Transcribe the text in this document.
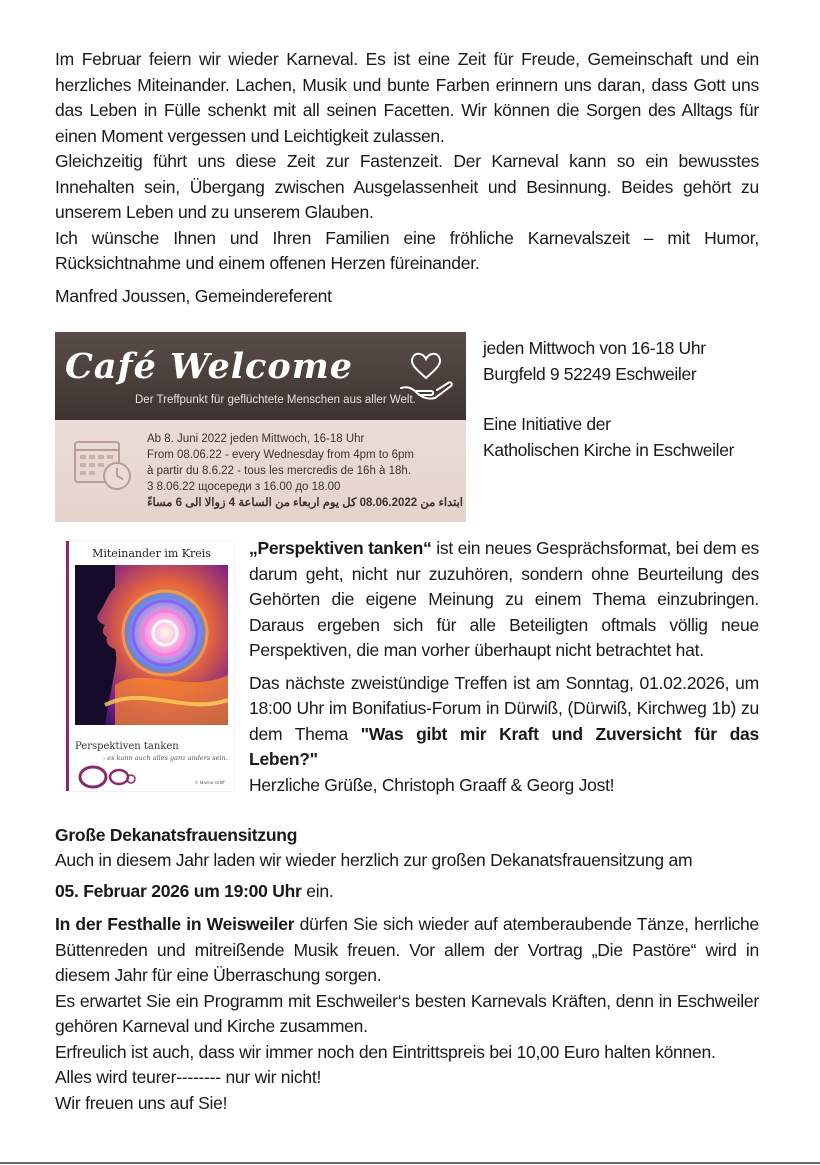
Im Februar feiern wir wieder Karneval. Es ist eine Zeit für Freude, Gemeinschaft und ein herzliches Miteinander. Lachen, Musik und bunte Farben erinnern uns daran, dass Gott uns das Leben in Fülle schenkt mit all seinen Facetten. Wir können die Sorgen des Alltags für einen Moment vergessen und Leichtigkeit zulassen.

Gleichzeitig führt uns diese Zeit zur Fastenzeit. Der Karneval kann so ein bewusstes Innehalten sein, Übergang zwischen Ausgelassenheit und Besinnung. Beides gehört zu unserem Leben und zu unserem Glauben.

Ich wünsche Ihnen und Ihren Familien eine fröhliche Karnevalszeit – mit Humor, Rücksichtnahme und einem offenen Herzen füreinander.

Manfred Joussen, Gemeindereferent
Café Welcome
Der Treffpunkt für geflüchtete Menschen aus aller Welt.
Ab 8. Juni 2022 jeden Mittwoch, 16-18 Uhr
From 08.06.22 - every Wednesday from 4pm to 6pm
à partir du 8.6.22 - tous les mercredis de 16h à 18h.
3 8.06.22 щосереди з 16.00 до 18.00
ابتداء من 08.06.2022 كل يوم اربعاء من الساعة 4 زوالا الى 6 مساءً
jeden Mittwoch von 16-18 Uhr
Burgfeld 9 52249 Eschweiler
Eine Initiative der
Katholischen Kirche in Eschweiler
Miteinander im Kreis
Perspektiven tanken
- es kann auch alles ganz anders sein.
© Marina Gräff

„Perspektiven tanken“ ist ein neues Gesprächsformat, bei dem es darum geht, nicht nur zuzuhören, sondern ohne Beurteilung des Gehörten die eigene Meinung zu einem Thema einzubringen. Daraus ergeben sich für alle Beteiligten oftmals völlig neue Perspektiven, die man vorher überhaupt nicht betrachtet hat.

Das nächste zweistündige Treffen ist am Sonntag, 01.02.2026, um 18:00 Uhr im Bonifatius-Forum in Dürwiß, (Dürwiß, Kirchweg 1b) zu dem Thema "Was gibt mir Kraft und Zuversicht für das Leben?"

Herzliche Grüße, Christoph Graaff & Georg Jost!

Große Dekanatsfrauensitzung
Auch in diesem Jahr laden wir wieder herzlich zur großen Dekanatsfrauensitzung am
05. Februar 2026 um 19:00 Uhr ein.

In der Festhalle in Weisweiler dürfen Sie sich wieder auf atemberaubende Tänze, herrliche Büttenreden und mitreißende Musik freuen. Vor allem der Vortrag „Die Pastöre“ wird in diesem Jahr für eine Überraschung sorgen.

Es erwartet Sie ein Programm mit Eschweiler‘s besten Karnevals Kräften, denn in Eschweiler gehören Karneval und Kirche zusammen.

Erfreulich ist auch, dass wir immer noch den Eintrittspreis bei 10,00 Euro halten können.

Alles wird teurer-------- nur wir nicht!

Wir freuen uns auf Sie!
